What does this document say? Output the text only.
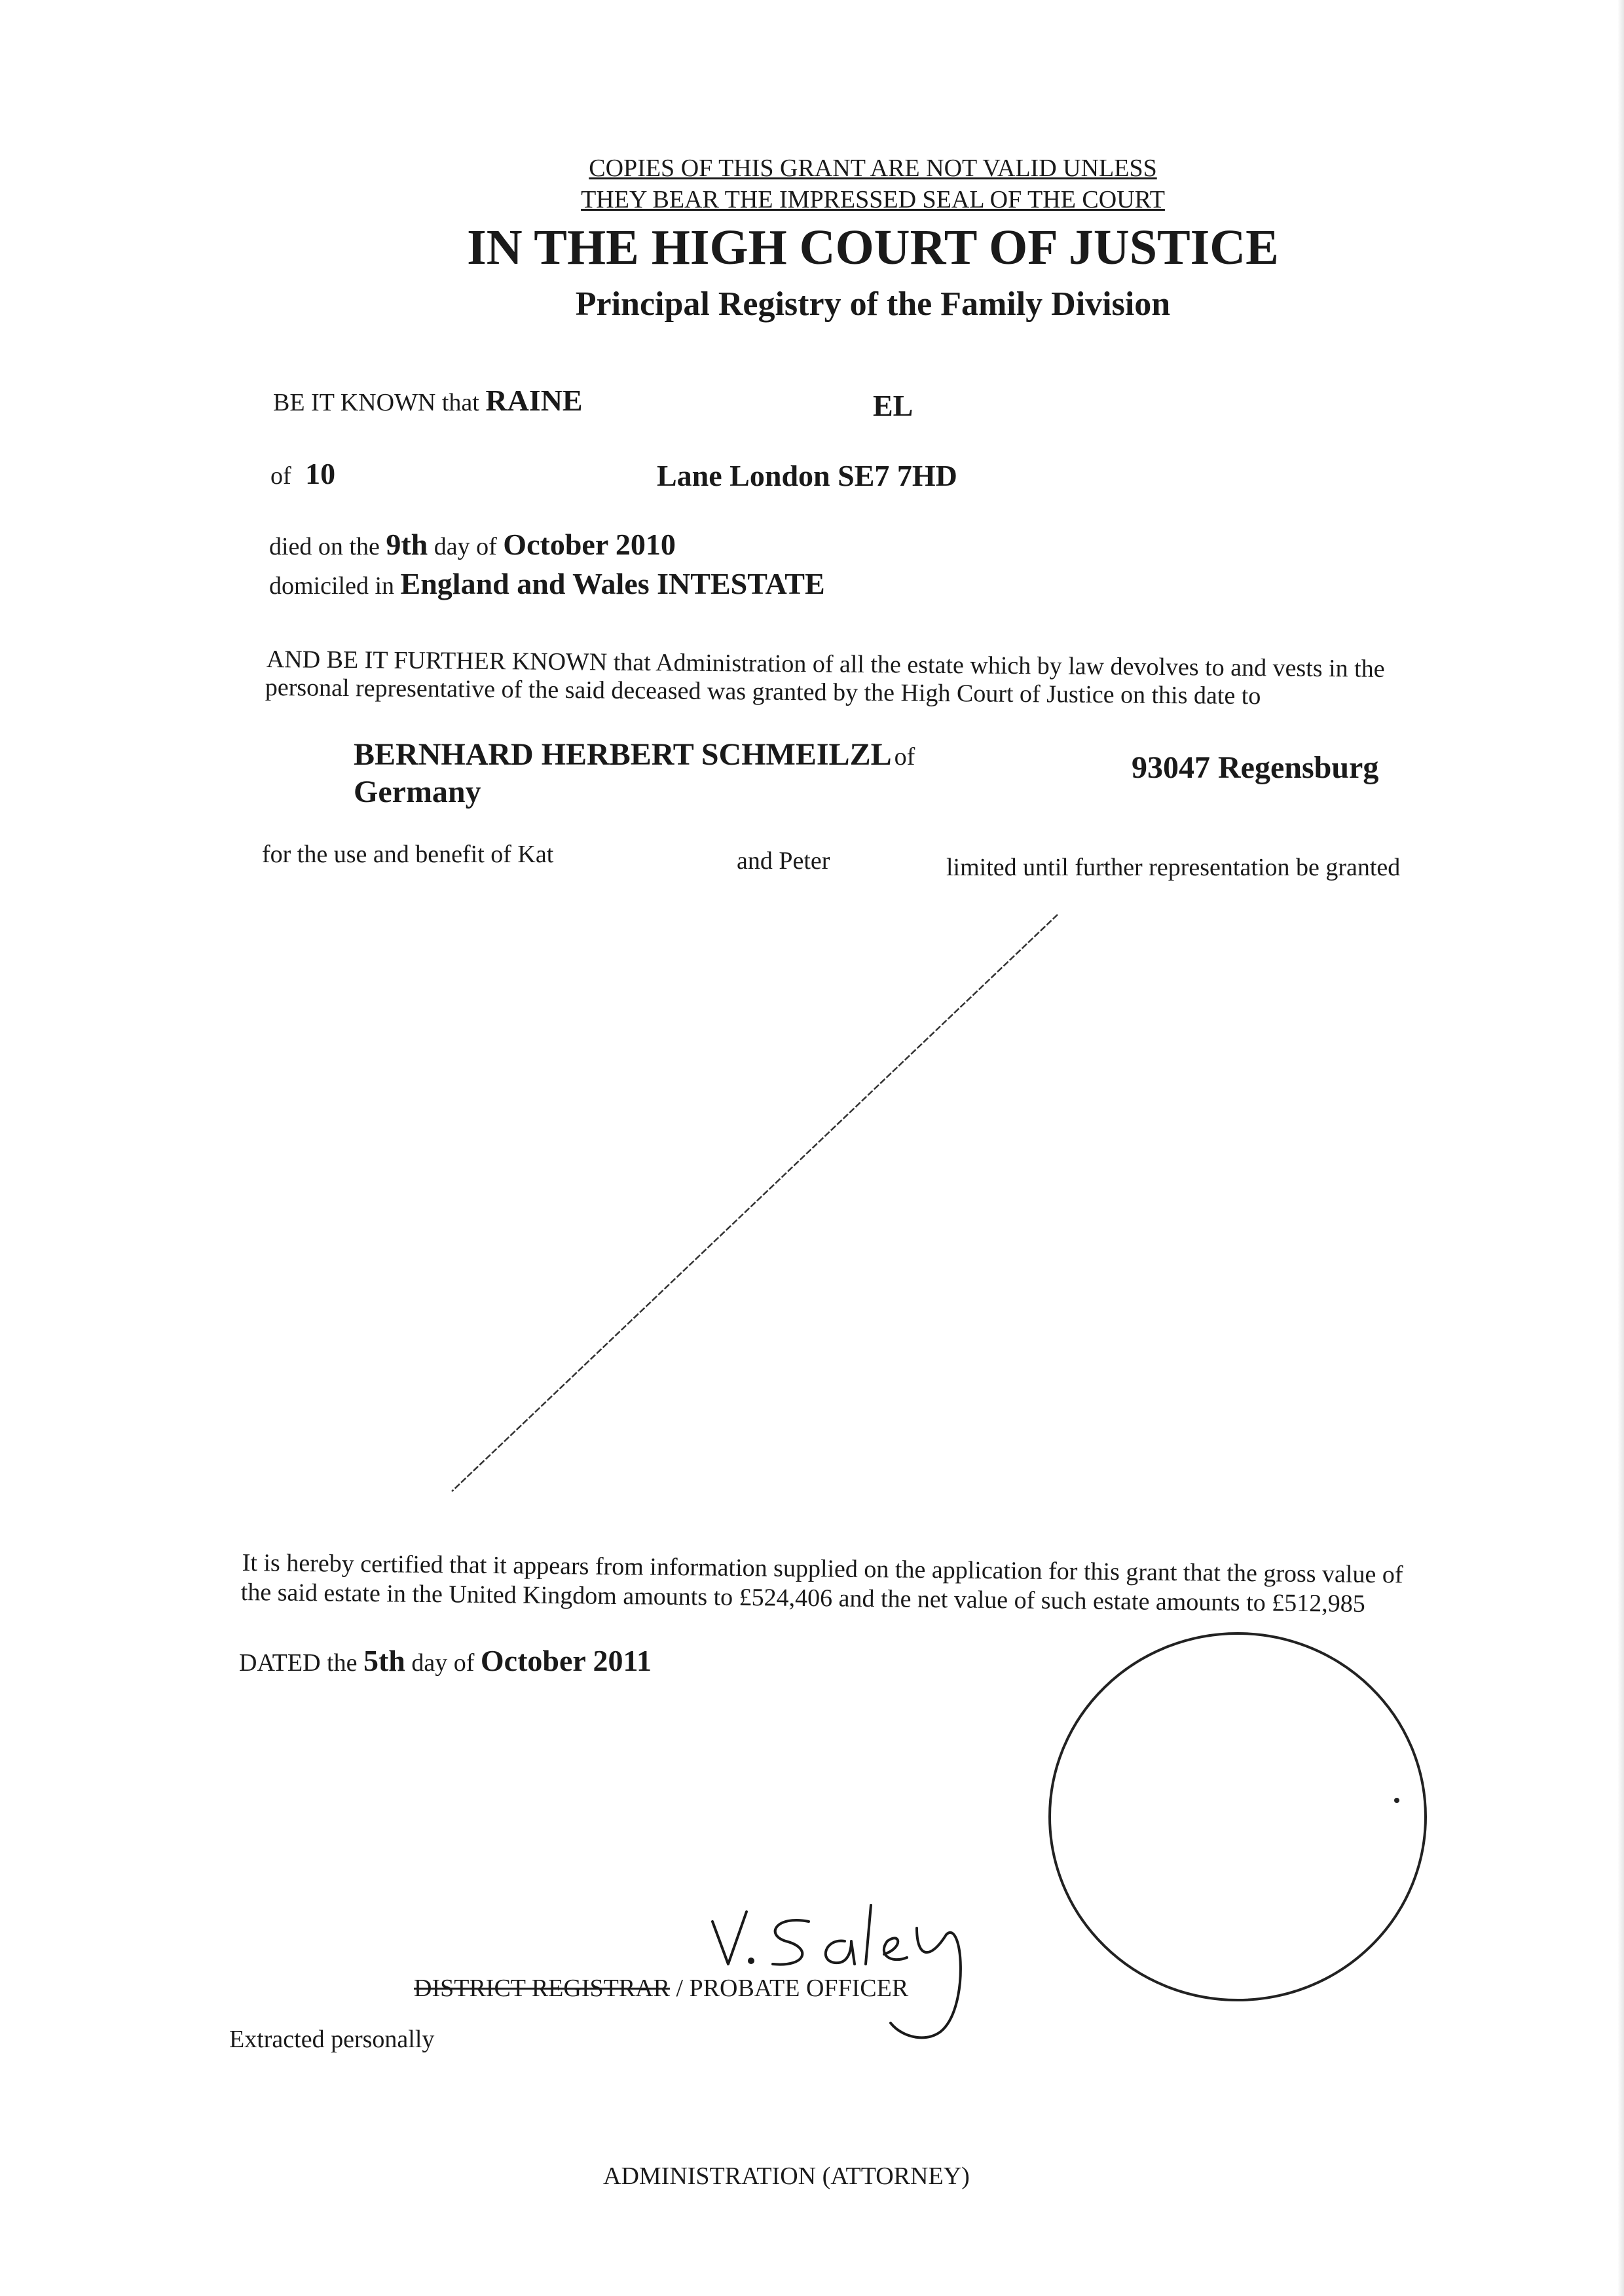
COPIES OF THIS GRANT ARE NOT VALID UNLESS
THEY BEAR THE IMPRESSED SEAL OF THE COURT
IN THE HIGH COURT OF JUSTICE
Principal Registry of the Family Division
BE IT KNOWN that RAINE	EL
of 10	Lane London SE7 7HD
died on the 9th day of October 2010
domiciled in England and Wales INTESTATE
AND BE IT FURTHER KNOWN that Administration of all the estate which by law devolves to and vests in the
personal representative of the said deceased was granted by the High Court of Justice on this date to
BERNHARD HERBERT SCHMEILZL of	93047 Regensburg
Germany
for the use and benefit of Kat	and Peter	limited until further representation be granted
It is hereby certified that it appears from information supplied on the application for this grant that the gross value of
the said estate in the United Kingdom amounts to £524,406 and the net value of such estate amounts to £512,985
DATED the 5th day of October 2011
DISTRICT REGISTRAR / PROBATE OFFICER
Extracted personally
ADMINISTRATION (ATTORNEY)
